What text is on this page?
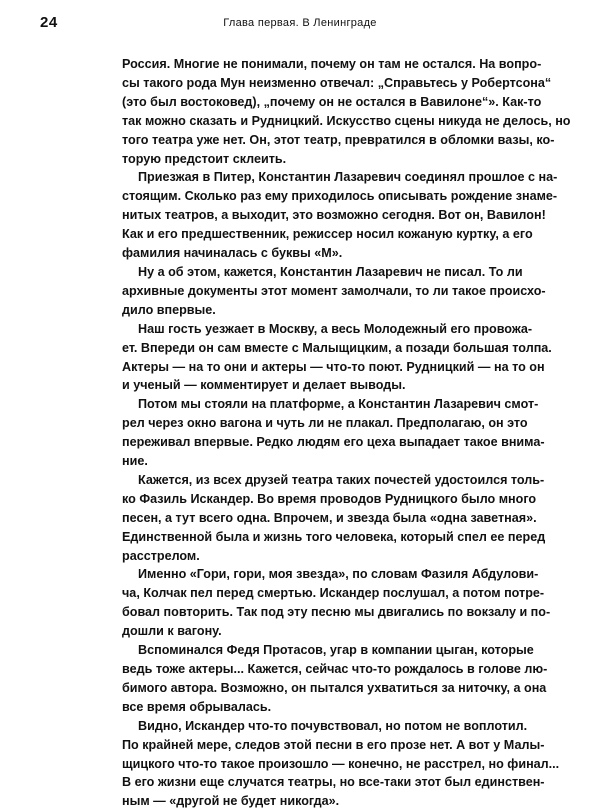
24	Глава первая. В Ленинграде
Россия. Многие не понимали, почему он там не остался. На вопро-
сы такого рода Мун неизменно отвечал: „Справьтесь у Робертсона“
(это был востоковед), „почему он не остался в Вавилоне“». Как-то
так можно сказать и Рудницкий. Искусство сцены никуда не делось, но
того театра уже нет. Он, этот театр, превратился в обломки вазы, ко-
торую предстоит склеить.
Приезжая в Питер, Константин Лазаревич соединял прошлое с на-
стоящим. Сколько раз ему приходилось описывать рождение знаме-
нитых театров, а выходит, это возможно сегодня. Вот он, Вавилон!
Как и его предшественник, режиссер носил кожаную куртку, а его
фамилия начиналась с буквы «М».
Ну а об этом, кажется, Константин Лазаревич не писал. То ли
архивные документы этот момент замолчали, то ли такое происхо-
дило впервые.
Наш гость уезжает в Москву, а весь Молодежный его провожа-
ет. Впереди он сам вместе с Малыщицким, а позади большая толпа.
Актеры — на то они и актеры — что-то поют. Рудницкий — на то он
и ученый — комментирует и делает выводы.
Потом мы стояли на платформе, а Константин Лазаревич смот-
рел через окно вагона и чуть ли не плакал. Предполагаю, он это
переживал впервые. Редко людям его цеха выпадает такое внима-
ние.
Кажется, из всех друзей театра таких почестей удостоился толь-
ко Фазиль Искандер. Во время проводов Рудницкого было много
песен, а тут всего одна. Впрочем, и звезда была «одна заветная».
Единственной была и жизнь того человека, который спел ее перед
расстрелом.
Именно «Гори, гори, моя звезда», по словам Фазиля Абдулови-
ча, Колчак пел перед смертью. Искандер послушал, а потом потре-
бовал повторить. Так под эту песню мы двигались по вокзалу и по-
дошли к вагону.
Вспоминался Федя Протасов, угар в компании цыган, которые
ведь тоже актеры... Кажется, сейчас что-то рождалось в голове лю-
бимого автора. Возможно, он пытался ухватиться за ниточку, а она
все время обрывалась.
Видно, Искандер что-то почувствовал, но потом не воплотил.
По крайней мере, следов этой песни в его прозе нет. А вот у Малы-
щицкого что-то такое произошло — конечно, не расстрел, но финал...
В его жизни еще случатся театры, но все-таки этот был единствен-
ным — «другой не будет никогда».
